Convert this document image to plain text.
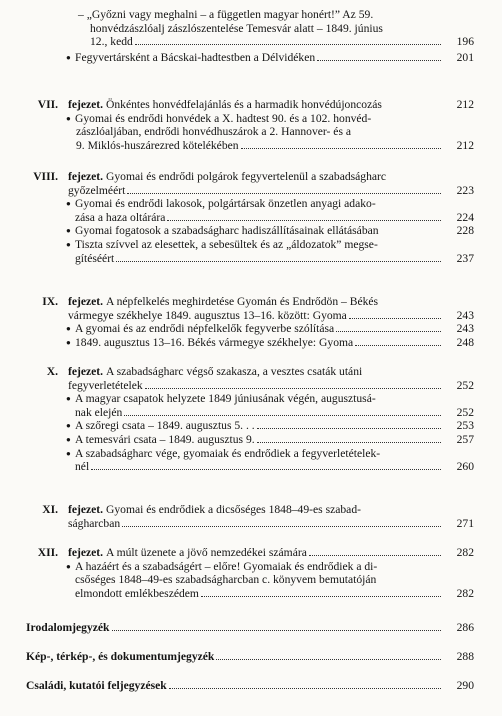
– „Győzni vagy meghalni – a független magyar honért!” Az 59.
honvédzászlóalj zászlószentelése Temesvár alatt – 1849. június
12., kedd	196
● Fegyvertársként a Bácskai-hadtestben a Délvidéken	201
VII. fejezet.
Önkéntes honvédfelajánlás és a harmadik honvédújoncozás	212
● Gyomai és endrődi honvédek a X. hadtest 90. és a 102. honvéd-
zászlóaljában, endrődi honvédhuszárok a 2. Hannover- és a
9. Miklós-huszárezred kötelékében	212
VIII. fejezet. Gyomai és endrődi polgárok fegyvertelenül a szabadságharc
győzelméért	223
● Gyomai és endrődi lakosok, polgártársak önzetlen anyagi adako-
zása a haza oltárára	224
● Gyomai fogatosok a szabadságharc hadiszállításainak ellátásában	228
● Tiszta szívvel az elesettek, a sebesültek és az „áldozatok” megse-
gítéséért	237
IX. fejezet. A népfelkelés meghirdetése Gyomán és Endrődön – Békés
vármegye székhelye 1849. augusztus 13–16. között: Gyoma	243
● A gyomai és az endrődi népfelkelők fegyverbe szólítása	243
● 1849. augusztus 13–16. Békés vármegye székhelye: Gyoma	248
X. fejezet. A szabadságharc végső szakasza, a vesztes csaták utáni
fegyverletételek	252
● A magyar csapatok helyzete 1849 júniusának végén, augusztusá-
nak elején	252
● A szőregi csata – 1849. augusztus 5. . .	253
● A temesvári csata – 1849. augusztus 9.	257
● A szabadságharc vége, gyomaiak és endrődiek a fegyverletételek-
nél	260
XI. fejezet. Gyomai és endrődiek a dicsőséges 1848–49-es szabad-
ságharcban	271
XII. fejezet.
A múlt üzenete a jövő nemzedékei számára	282
● A hazáért és a szabadságért – előre! Gyomaiak és endrődiek a di-
csőséges 1848–49-es szabadságharcban c. könyvem bemutatóján
elmondott emlékbeszédem	282
Irodalomjegyzék	286
Kép-, térkép-, és dokumentumjegyzék	288
Családi, kutatói feljegyzések	290
